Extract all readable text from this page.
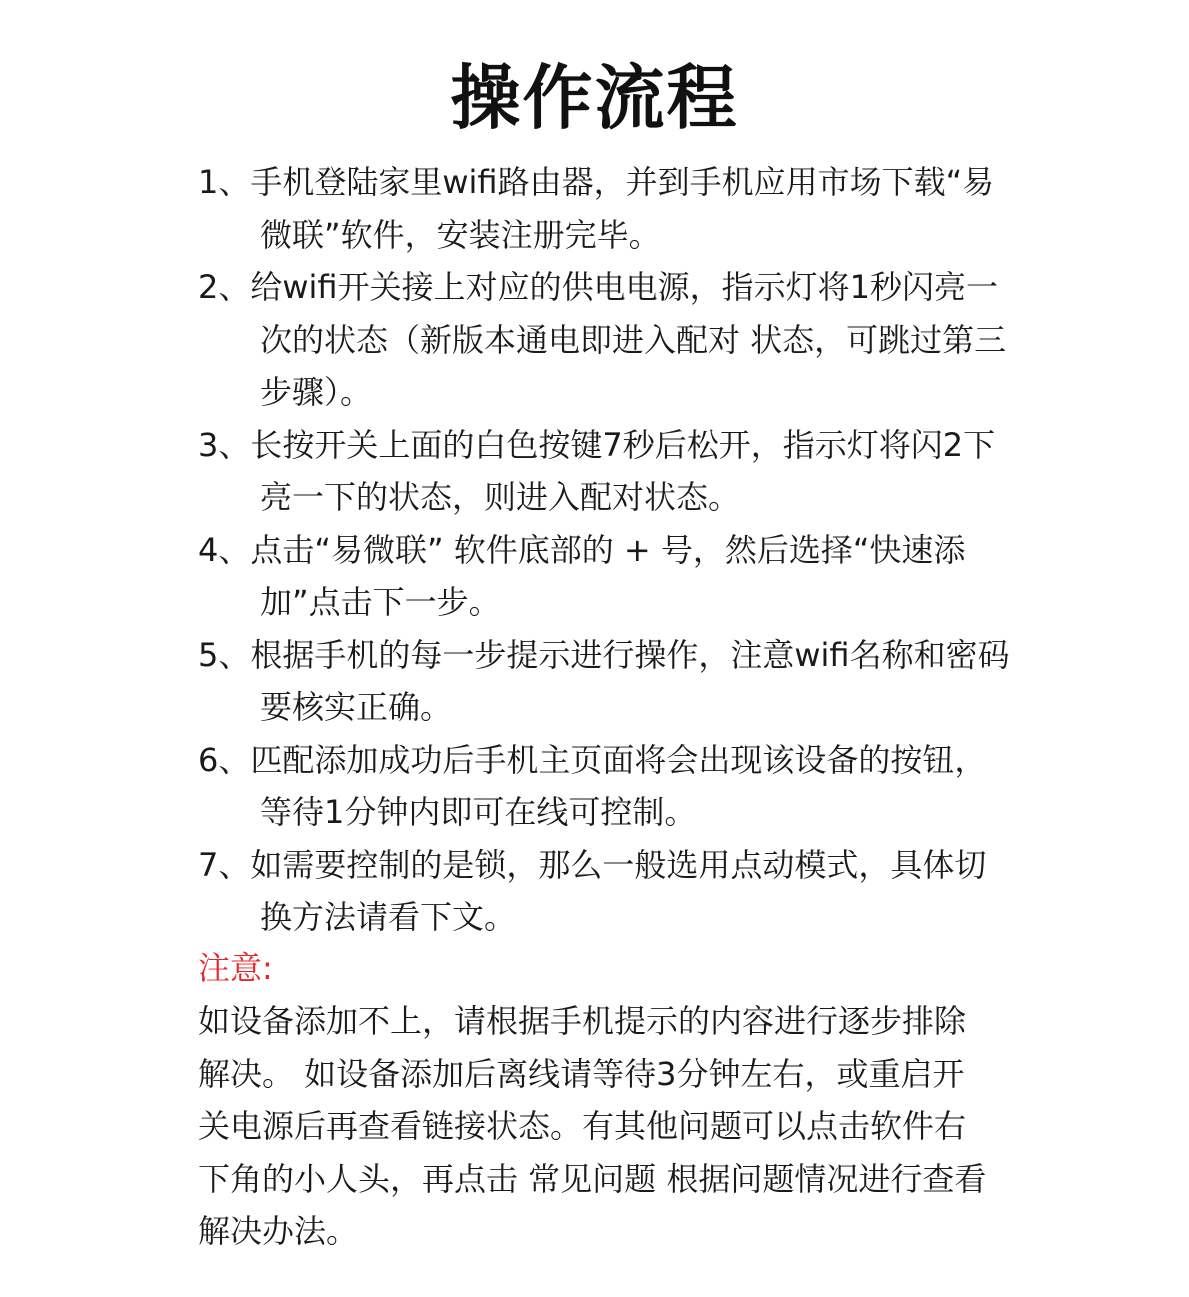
操作流程
1、手机登陆家里wifi路由器，并到手机应用市场下载“易微联”软件，安装注册完毕。
2、给wifi开关接上对应的供电电源，指示灯将1秒闪亮一次的状态（新版本通电即进入配对 状态，可跳过第三步骤）。
3、长按开关上面的白色按键7秒后松开，指示灯将闪2下亮一下的状态，则进入配对状态。
4、点击“易微联” 软件底部的 + 号，然后选择“快速添加”点击下一步。
5、根据手机的每一步提示进行操作，注意wifi名称和密码要核实正确。
6、匹配添加成功后手机主页面将会出现该设备的按钮，等待1分钟内即可在线可控制。
7、如需要控制的是锁，那么一般选用点动模式，具体切换方法请看下文。
注意:
如设备添加不上，请根据手机提示的内容进行逐步排除解决。 如设备添加后离线请等待3分钟左右，或重启开关电源后再查看链接状态。有其他问题可以点击软件右下角的小人头，再点击 常见问题 根据问题情况进行查看解决办法。
